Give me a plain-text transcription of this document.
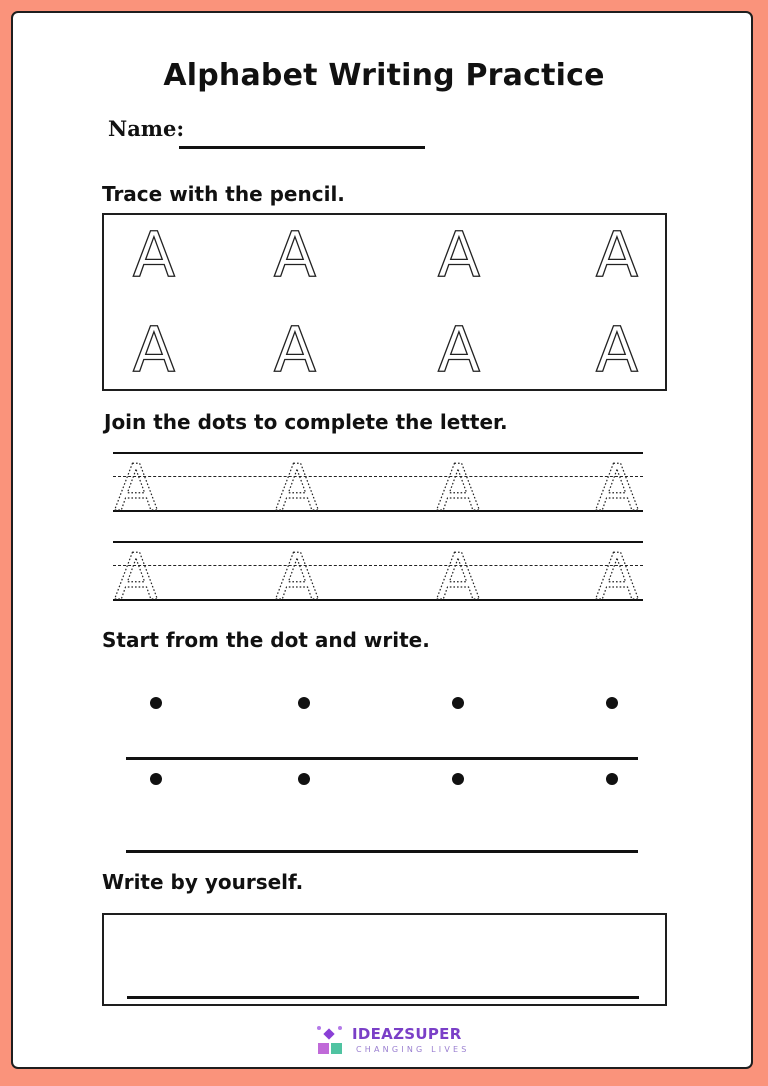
Alphabet Writing Practice
Name:
Trace with the pencil.
A A A A
A A A A
Join the dots to complete the letter.
A A A A
A A A A
Start from the dot and write.
Write by yourself.
IDEAZSUPER
CHANGING LIVES
